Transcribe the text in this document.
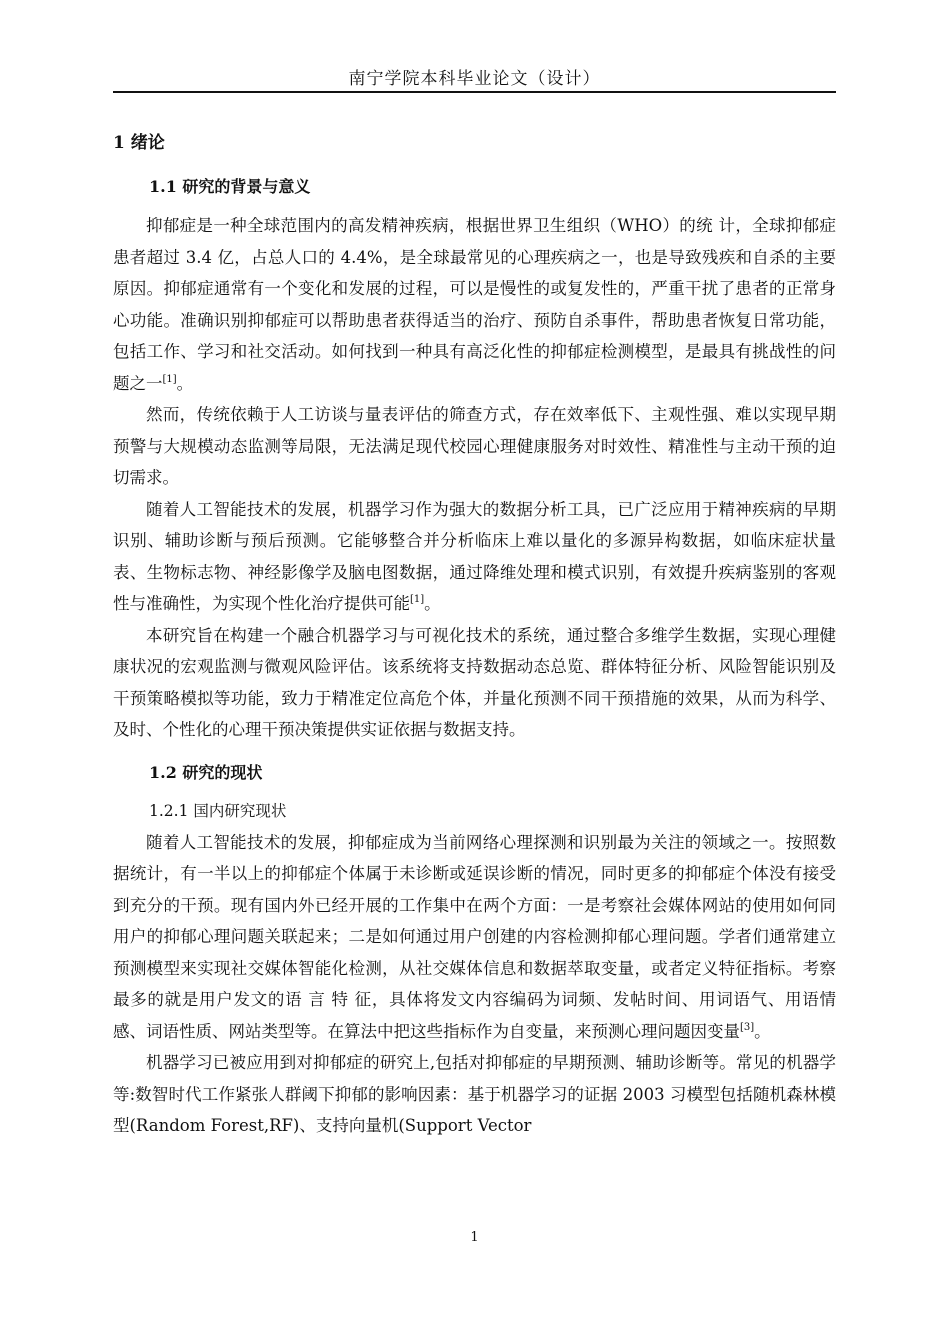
南宁学院本科毕业论文（设计）
1 绪论
1.1 研究的背景与意义

抑郁症是一种全球范围内的高发精神疾病，根据世界卫生组织（WHO）的统 计，全球抑郁症患者超过 3.4 亿，占总人口的 4.4%，是全球最常见的心理疾病之一，也是导致残疾和自杀的主要原因。抑郁症通常有一个变化和发展的过程，可以是慢性的或复发性的，严重干扰了患者的正常身心功能。准确识别抑郁症可以帮助患者获得适当的治疗、预防自杀事件，帮助患者恢复日常功能，包括工作、学习和社交活动。如何找到一种具有高泛化性的抑郁症检测模型，是最具有挑战性的问题之一[1]。

然而，传统依赖于人工访谈与量表评估的筛查方式，存在效率低下、主观性强、难以实现早期预警与大规模动态监测等局限，无法满足现代校园心理健康服务对时效性、精准性与主动干预的迫切需求。

随着人工智能技术的发展，机器学习作为强大的数据分析工具，已广泛应用于精神疾病的早期识别、辅助诊断与预后预测。它能够整合并分析临床上难以量化的多源异构数据，如临床症状量表、生物标志物、神经影像学及脑电图数据，通过降维处理和模式识别，有效提升疾病鉴别的客观性与准确性，为实现个性化治疗提供可能[1]。

本研究旨在构建一个融合机器学习与可视化技术的系统，通过整合多维学生数据，实现心理健康状况的宏观监测与微观风险评估。该系统将支持数据动态总览、群体特征分析、风险智能识别及干预策略模拟等功能，致力于精准定位高危个体，并量化预测不同干预措施的效果，从而为科学、及时、个性化的心理干预决策提供实证依据与数据支持。

1.2 研究的现状
1.2.1 国内研究现状

随着人工智能技术的发展，抑郁症成为当前网络心理探测和识别最为关注的领域之一。按照数据统计，有一半以上的抑郁症个体属于未诊断或延误诊断的情况，同时更多的抑郁症个体没有接受到充分的干预。现有国内外已经开展的工作集中在两个方面：一是考察社会媒体网站的使用如何同用户的抑郁心理问题关联起来；二是如何通过用户创建的内容检测抑郁心理问题。学者们通常建立预测模型来实现社交媒体智能化检测，从社交媒体信息和数据萃取变量，或者定义特征指标。考察最多的就是用户发文的语 言 特 征，具体将发文内容编码为词频、发帖时间、用词语气、用语情感、词语性质、网站类型等。在算法中把这些指标作为自变量，来预测心理问题因变量[3]。

机器学习已被应用到对抑郁症的研究上,包括对抑郁症的早期预测、辅助诊断等。常见的机器学等:数智时代工作紧张人群阈下抑郁的影响因素：基于机器学习的证据 2003 习模型包括随机森林模型(Random Forest,RF)、支持向量机(Support Vector

1
